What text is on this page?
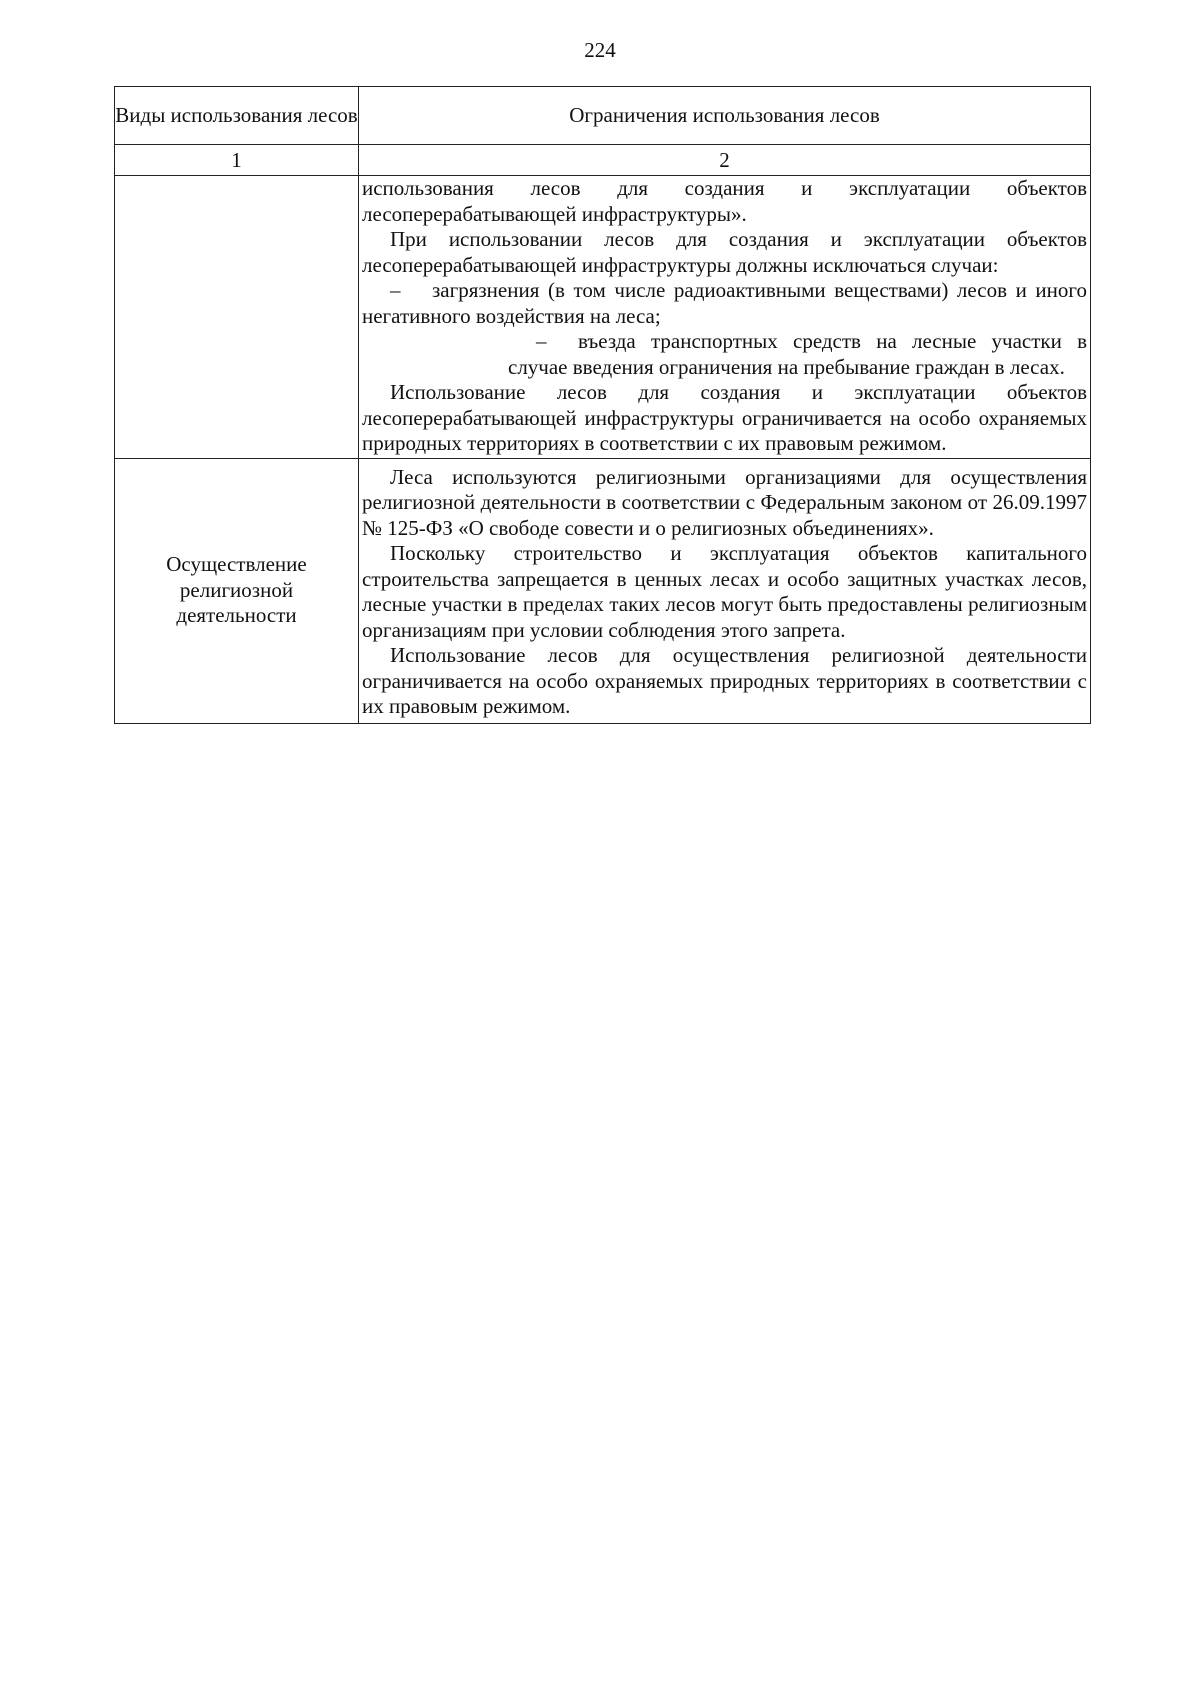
224
Виды использования лесов	Ограничения использования лесов
1	2

	использования лесов для создания и эксплуатации объектов лесоперерабатывающей инфраструктуры».

При использовании лесов для создания и эксплуатации объектов лесоперерабатывающей инфраструктуры должны исключаться случаи:

– загрязнения (в том числе радиоактивными веществами) лесов и иного негативного воздействия на леса;

– въезда транспортных средств на лесные участки в случае введения ограничения на пребывание граждан в лесах.

Использование лесов для создания и эксплуатации объектов лесоперерабатывающей инфраструктуры ограничивается на особо охраняемых природных территориях в соответствии с их правовым режимом.

Осуществление религиозной деятельности	Леса используются религиозными организациями для осуществления религиозной деятельности в соответствии с Федеральным законом от 26.09.1997 № 125-ФЗ «О свободе совести и о религиозных объединениях».

Поскольку строительство и эксплуатация объектов капитального строительства запрещается в ценных лесах и особо защитных участках лесов, лесные участки в пределах таких лесов могут быть предоставлены религиозным организациям при условии соблюдения этого запрета.

Использование лесов для осуществления религиозной деятельности ограничивается на особо охраняемых природных территориях в соответствии с их правовым режимом.
